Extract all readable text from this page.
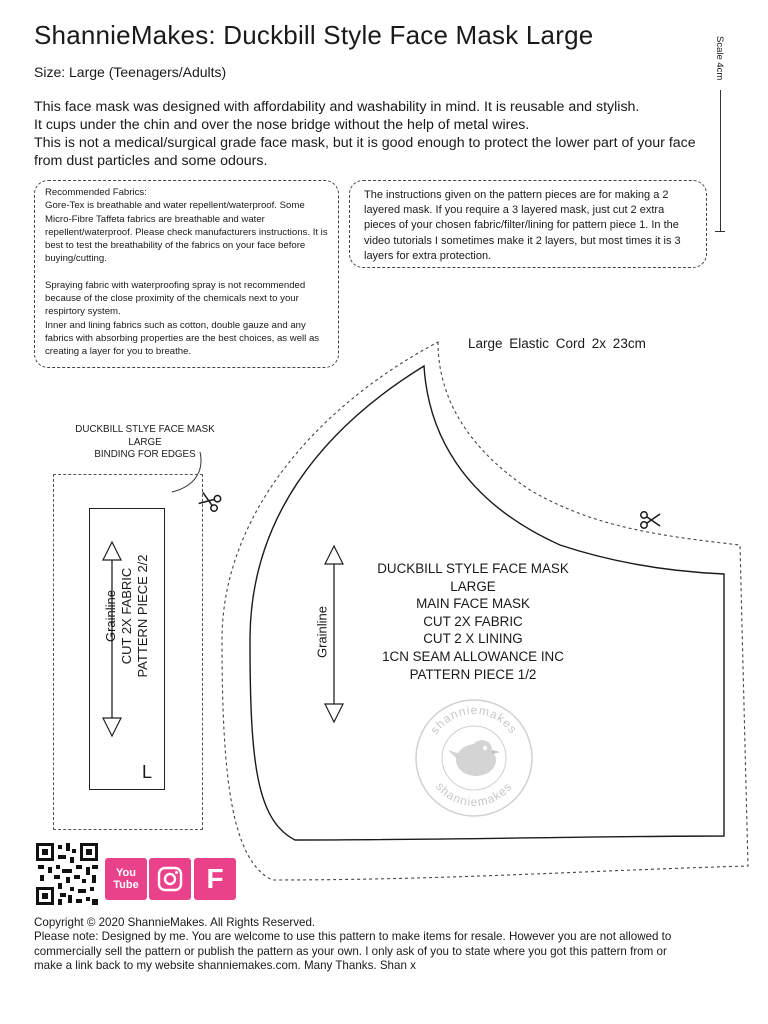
ShannieMakes: Duckbill Style Face Mask Large
Size: Large (Teenagers/Adults)
This face mask was designed with affordability and washability in mind. It is reusable and stylish.
It cups under the chin and over the nose bridge without the help of metal wires.
This is not a medical/surgical grade face mask, but it is good enough to protect the lower part of your face
from dust particles and some odours.
Scale 4cm

Recommended Fabrics:

Gore-Tex is breathable and water repellent/waterproof. Some Micro-Fibre Taffeta fabrics are breathable and water repellent/waterproof. Please check manufacturers instructions. It is best to test the breathability of the fabrics on your face before buying/cutting.

Spraying fabric with waterproofing spray is not recommended because of the close proximity of the chemicals next to your respirtory system.

Inner and lining fabrics such as cotton, double gauze and any fabrics with absorbing properties are the best choices, as well as creating a layer for you to breathe.

The instructions given on the pattern pieces are for making a 2 layered mask. If you require a 3 layered mask, just cut 2 extra pieces of your chosen fabric/filter/lining for pattern piece 1. In the video tutorials I sometimes make it 2 layers, but most times it is 3 layers for extra protection.
Large Elastic Cord 2x 23cm
DUCKBILL STLYE FACE MASK
LARGE
BINDING FOR EDGES
Grainline CUT 2X FABRIC PATTERN PIECE 2/2
L
Grainline
DUCKBILL STYLE FACE MASK
LARGE
MAIN FACE MASK
CUT 2X FABRIC
CUT 2 X LINING
1CN SEAM ALLOWANCE INC
PATTERN PIECE 1/2
shanniemakes
shanniemakes
You
Tube F
Copyright © 2020 ShannieMakes. All Rights Reserved.
Please note: Designed by me. You are welcome to use this pattern to make items for resale. However you are not allowed to
commercially sell the pattern or publish the pattern as your own. I only ask of you to state where you got this pattern from or
make a link back to my website shanniemakes.com. Many Thanks. Shan x
